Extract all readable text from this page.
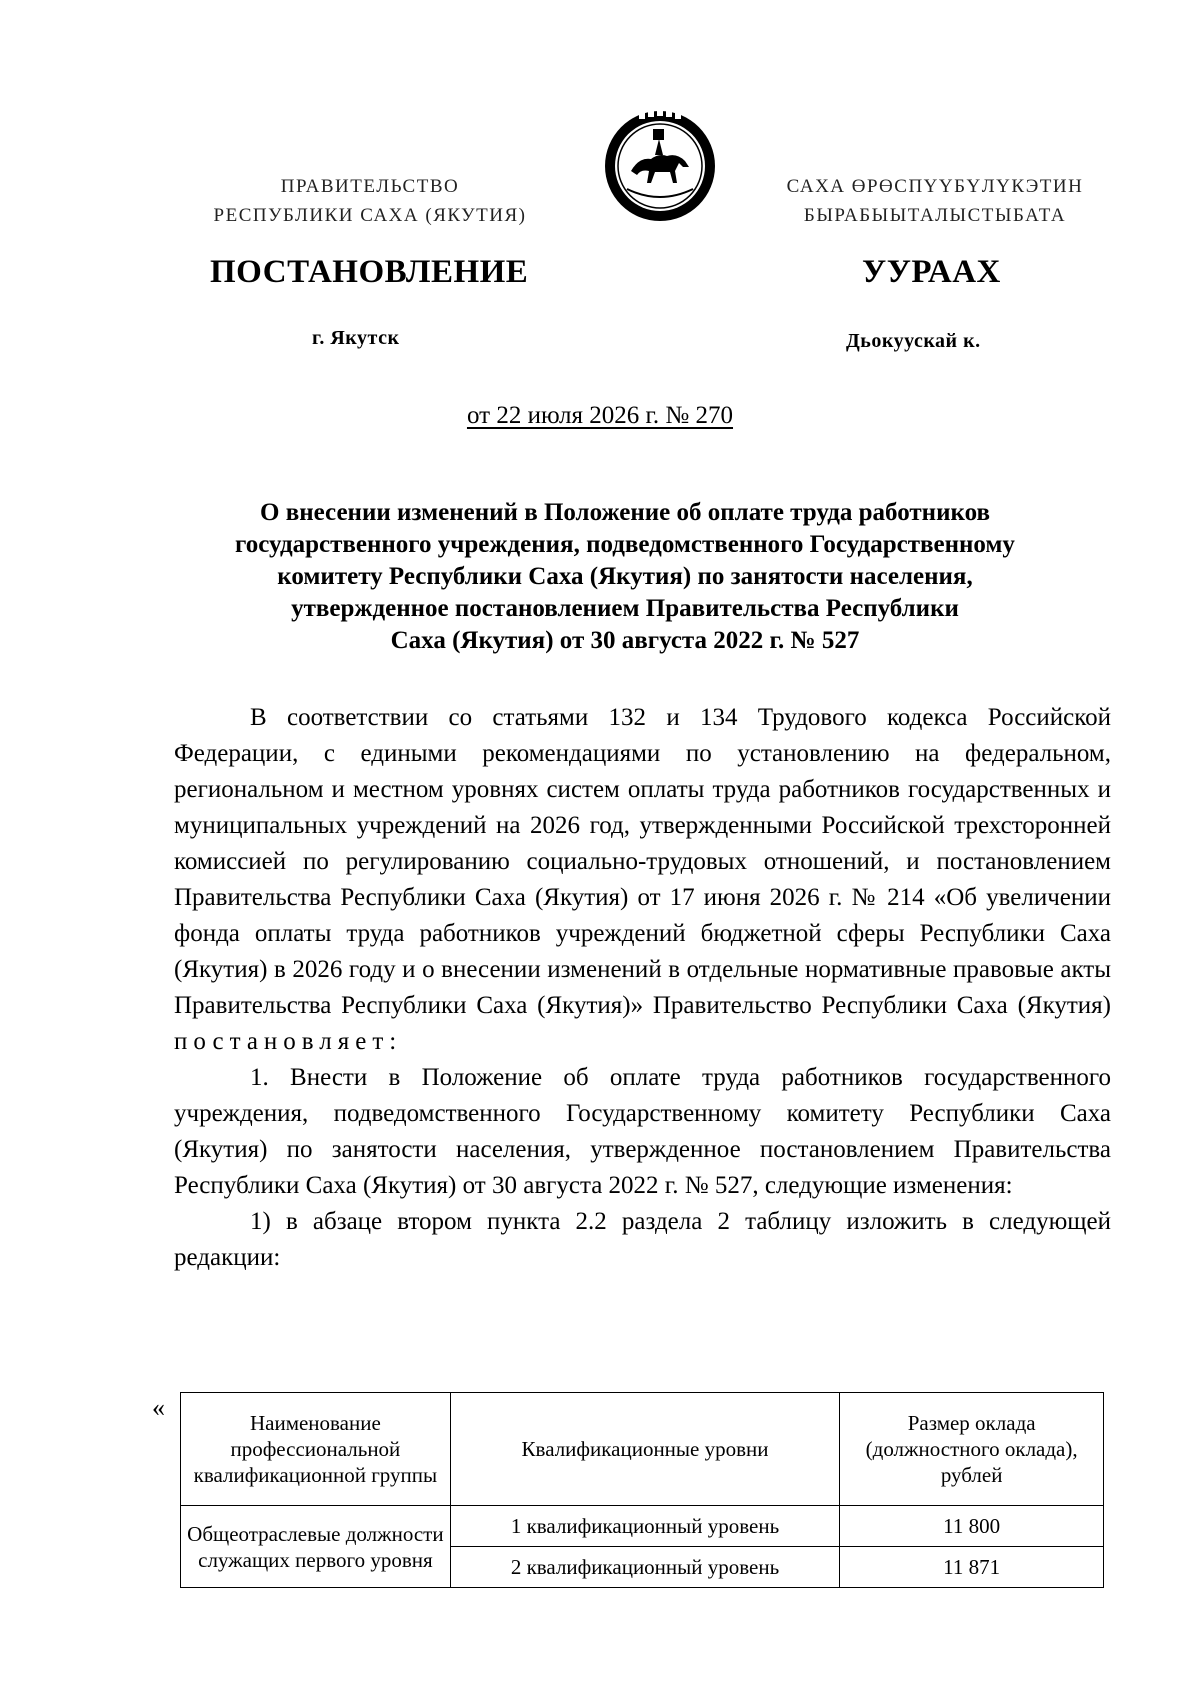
ПРАВИТЕЛЬСТВО
РЕСПУБЛИКИ САХА (ЯКУТИЯ)
САХА ӨРӨСПҮҮБҮЛҮКЭТИН
БЫРАБЫЫТАЛЫСТЫБАТА
ПОСТАНОВЛЕНИЕ	УУРААХ
г. Якутск	Дьокуускай к.
от 22 июля 2026 г. № 270
О внесении изменений в Положение об оплате труда работников
государственного учреждения, подведомственного Государственному
комитету Республики Саха (Якутия) по занятости населения,
утвержденное постановлением Правительства Республики
Саха (Якутия) от 30 августа 2022 г. № 527

В соответствии со статьями 132 и 134 Трудового кодекса Российской Федерации, с едиными рекомендациями по установлению на федеральном, региональном и местном уровнях систем оплаты труда работников государственных и муниципальных учреждений на 2026 год, утвержденными Российской трехсторонней комиссией по регулированию социально-трудовых отношений, и постановлением Правительства Республики Саха (Якутия) от 17 июня 2026 г. № 214 «Об увеличении фонда оплаты труда работников учреждений бюджетной сферы Республики Саха (Якутия) в 2026 году и о внесении изменений в отдельные нормативные правовые акты Правительства Республики Саха (Якутия)» Правительство Республики Саха (Якутия) постановляет:

1. Внести в Положение об оплате труда работников государственного учреждения, подведомственного Государственному комитету Республики Саха (Якутия) по занятости населения, утвержденное постановлением Правительства Республики Саха (Якутия) от 30 августа 2022 г. № 527, следующие изменения:

1) в абзаце втором пункта 2.2 раздела 2 таблицу изложить в следующей редакции:

«
Наименование профессиональной квалификационной группы	Квалификационные уровни	Размер оклада (должностного оклада), рублей
Общеотраслевые должности служащих первого уровня	1 квалификационный уровень	11 800
	2 квалификационный уровень	11 871
